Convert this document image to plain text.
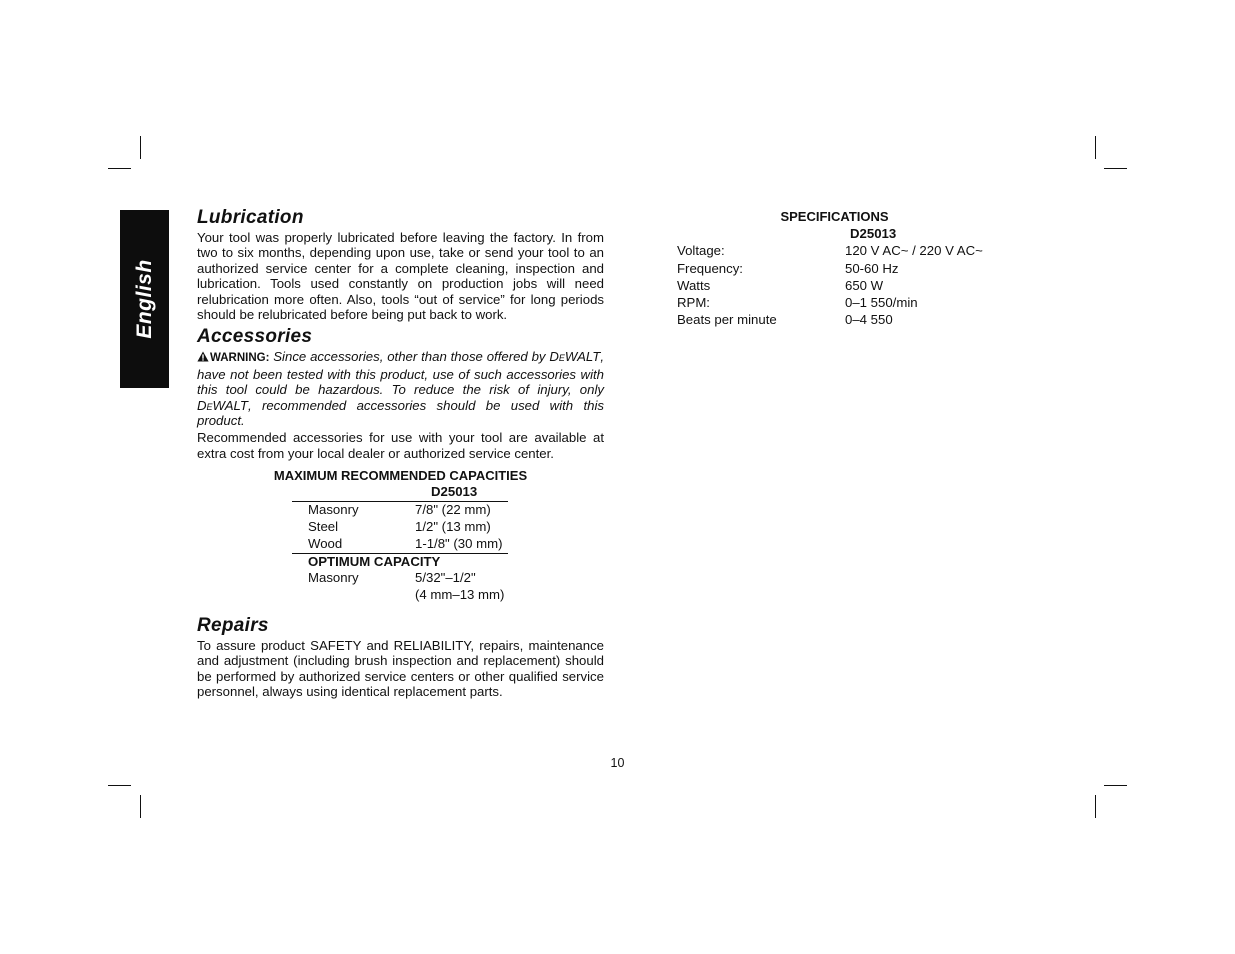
English
Lubrication

Your tool was properly lubricated before leaving the factory. In from two to six months, depending upon use, take or send your tool to an authorized service center for a complete cleaning, inspection and lubrication. Tools used constantly on production jobs will need relubrication more often. Also, tools “out of service” for long periods should be relubricated before being put back to work.

Accessories

WARNING: Since accessories, other than those offered by DeWALT, have not been tested with this product, use of such accessories with this tool could be hazardous. To reduce the risk of injury, only DeWALT, recommended accessories should be used with this product.

Recommended accessories for use with your tool are available at extra cost from your local dealer or authorized service center.

MAXIMUM RECOMMENDED CAPACITIES
D25013
Masonry	7/8" (22 mm)
Steel	1/2" (13 mm)
Wood	1-1/8" (30 mm)
OPTIMUM CAPACITY
Masonry	5/32"–1/2"
(4 mm–13 mm)
Repairs

To assure product SAFETY and RELIABILITY, repairs, maintenance and adjustment (including brush inspection and replacement) should be performed by authorized service centers or other qualified service personnel, always using identical replacement parts.

SPECIFICATIONS
D25013
Voltage:	120 V AC~ / 220 V AC~
Frequency:	50-60 Hz
Watts	650 W
RPM:	0–1 550/min
Beats per minute	0–4 550
10
